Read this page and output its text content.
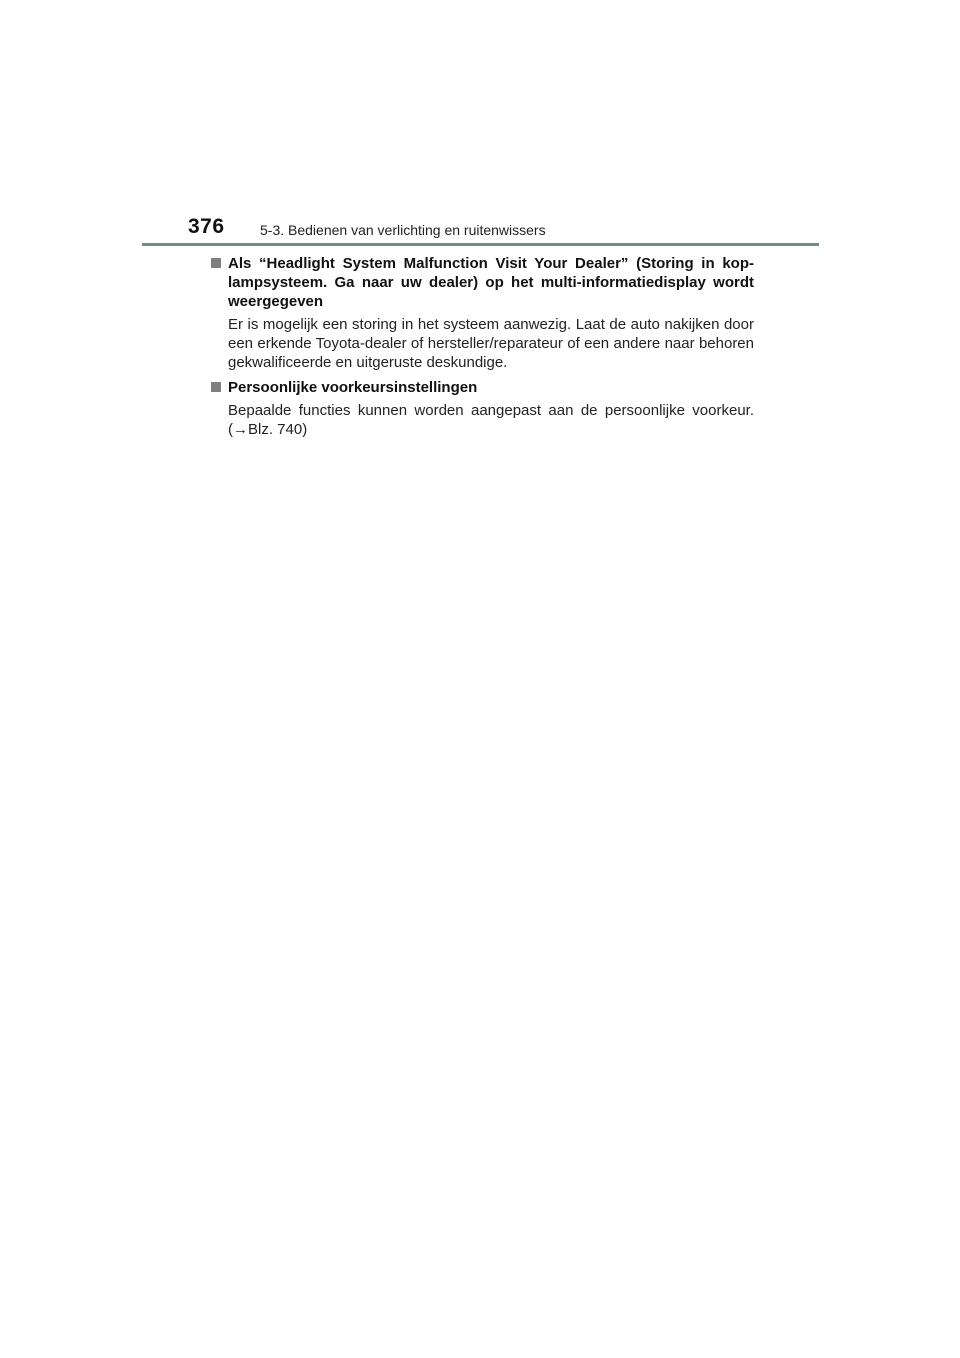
376	5-3. Bedienen van verlichting en ruitenwissers
Als “Headlight System Malfunction Visit Your Dealer” (Storing in kop-lampsysteem. Ga naar uw dealer) op het multi-informatiedisplay wordt weergegeven
Er is mogelijk een storing in het systeem aanwezig. Laat de auto nakijken door een erkende Toyota-dealer of hersteller/reparateur of een andere naar behoren gekwalificeerde en uitgeruste deskundige.
Persoonlijke voorkeursinstellingen
Bepaalde functies kunnen worden aangepast aan de persoonlijke voorkeur. (→Blz. 740)
